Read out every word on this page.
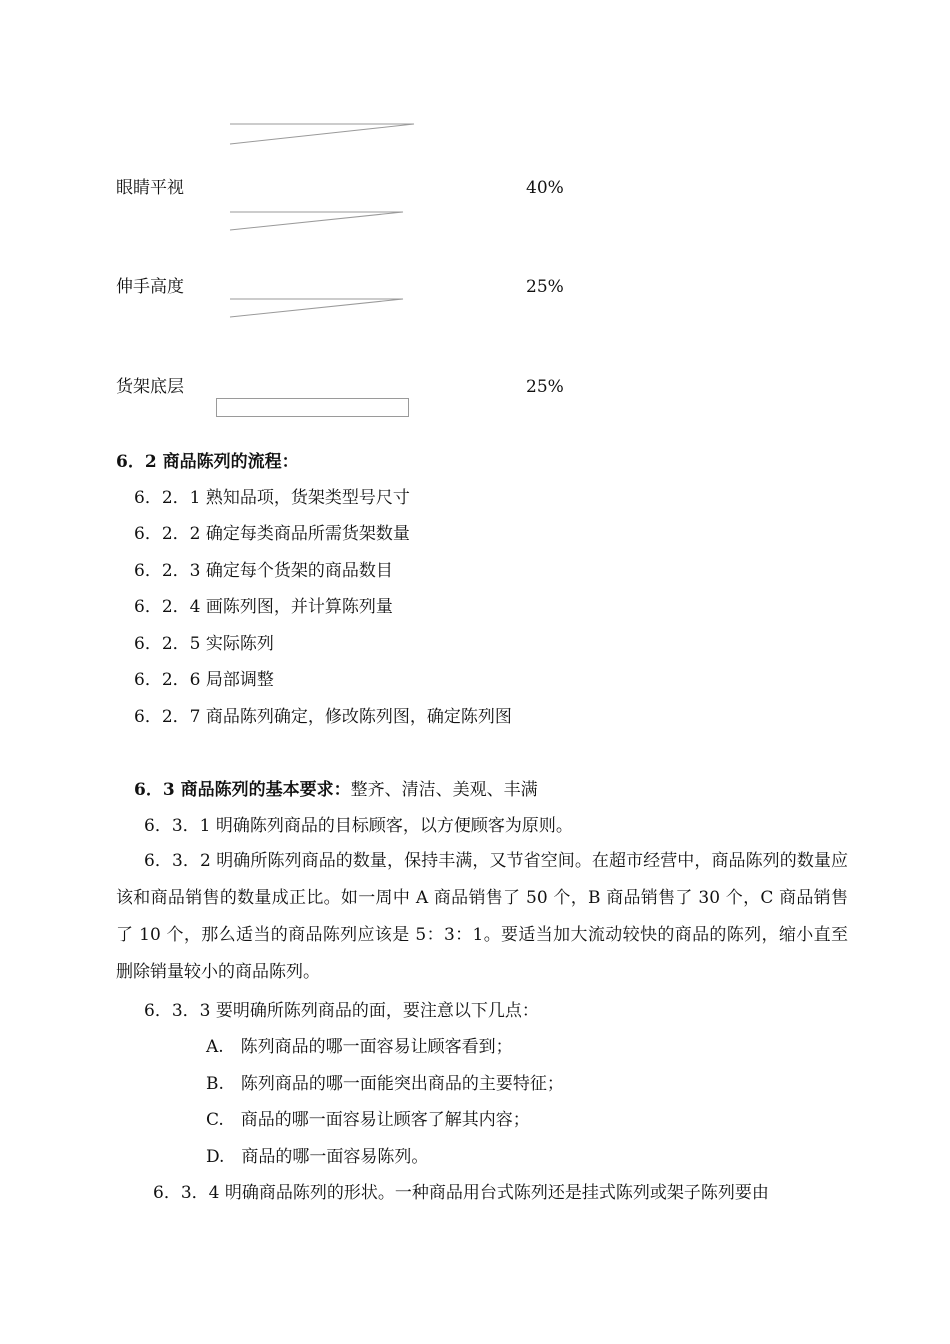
眼睛平视	40%
伸手高度	25%
货架底层	25%
6．2 商品陈列的流程：
6．2．1 熟知品项，货架类型号尺寸
6．2．2 确定每类商品所需货架数量
6．2．3 确定每个货架的商品数目
6．2．4 画陈列图，并计算陈列量
6．2．5 实际陈列
6．2．6 局部调整
6．2．7 商品陈列确定，修改陈列图，确定陈列图
6．3 商品陈列的基本要求：整齐、清洁、美观、丰满
6．3．1 明确陈列商品的目标顾客，以方便顾客为原则。
6．3．2 明确所陈列商品的数量，保持丰满，又节省空间。在超市经营中，商品陈列的数量应该和商品销售的数量成正比。如一周中 A 商品销售了 50 个，B 商品销售了 30 个，C 商品销售了 10 个，那么适当的商品陈列应该是 5：3：1。要适当加大流动较快的商品的陈列，缩小直至删除销量较小的商品陈列。
6．3．3 要明确所陈列商品的面，要注意以下几点：
A.　陈列商品的哪一面容易让顾客看到；
B.　陈列商品的哪一面能突出商品的主要特征；
C.　商品的哪一面容易让顾客了解其内容；
D.　商品的哪一面容易陈列。
6．3．4 明确商品陈列的形状。一种商品用台式陈列还是挂式陈列或架子陈列要由
